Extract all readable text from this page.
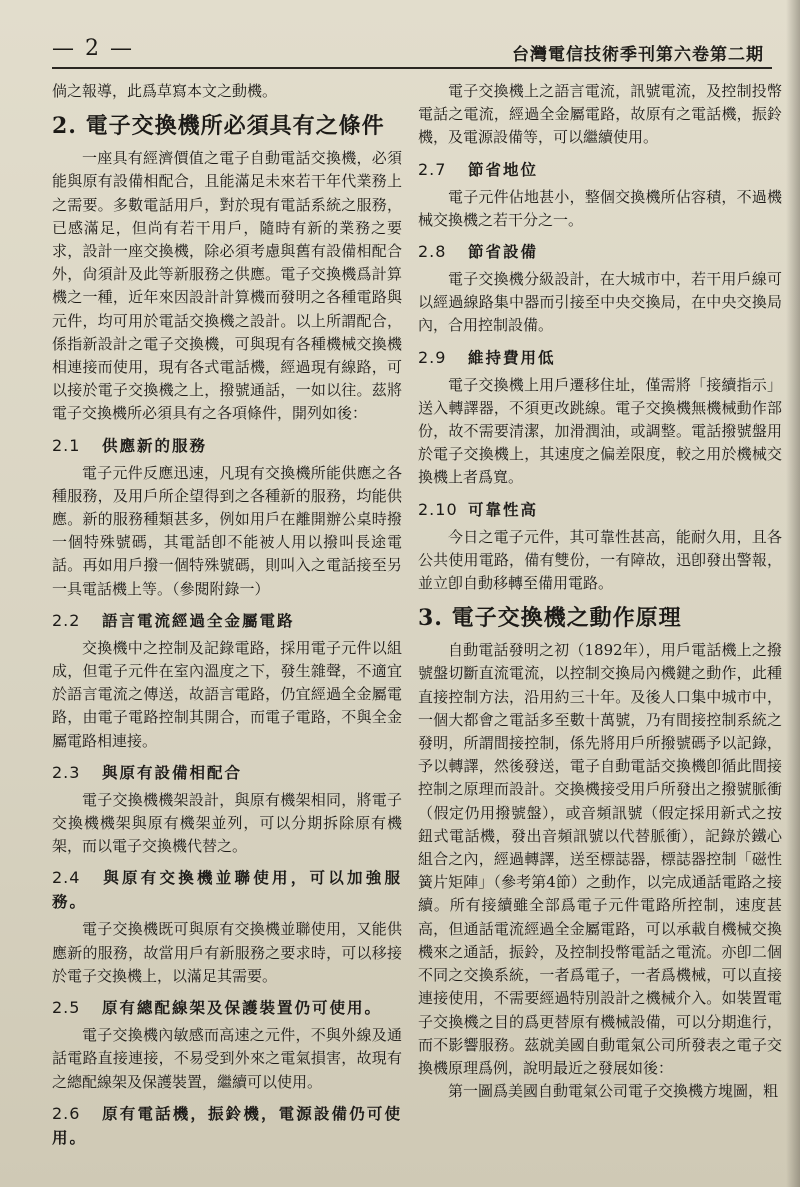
— 2 —	台灣電信技術季刊第六卷第二期

倘之報導，此爲草寫本文之動機。

2. 電子交換機所必須具有之條件

一座具有經濟價值之電子自動電話交換機，必須能與原有設備相配合，且能滿足未來若干年代業務上之需要。多數電話用戶，對於現有電話系統之服務，已感滿足，但尚有若干用戶，隨時有新的業務之要求，設計一座交換機，除必須考慮與舊有設備相配合外，尙須計及此等新服務之供應。電子交換機爲計算機之一種，近年來因設計計算機而發明之各種電路與元件，均可用於電話交換機之設計。以上所謂配合，係指新設計之電子交換機，可與現有各種機械交換機相連接而使用，現有各式電話機，經過現有線路，可以接於電子交換機之上，撥號通話，一如以往。茲將電子交換機所必須具有之各項條件，開列如後：

2.1 供應新的服務

電子元件反應迅速，凡現有交換機所能供應之各種服務，及用戶所企望得到之各種新的服務，均能供應。新的服務種類甚多，例如用戶在離開辦公桌時撥一個特殊號碼，其電話卽不能被人用以撥叫長途電話。再如用戶撥一個特殊號碼，則叫入之電話接至另一具電話機上等。（參閱附錄一）

2.2 語言電流經過全金屬電路

交換機中之控制及記錄電路，採用電子元件以組成，但電子元件在室內溫度之下，發生雜聲，不適宜於語言電流之傳送，故語言電路，仍宜經過全金屬電路，由電子電路控制其開合，而電子電路，不與全金屬電路相連接。

2.3 與原有設備相配合

電子交換機機架設計，與原有機架相同，將電子交換機機架與原有機架並列，可以分期拆除原有機架，而以電子交換機代替之。

2.4 與原有交換機並聯使用，可以加強服務。

電子交換機既可與原有交換機並聯使用，又能供應新的服務，故當用戶有新服務之要求時，可以移接於電子交換機上，以滿足其需要。

2.5 原有總配線架及保護裝置仍可使用。

電子交換機內敏感而高速之元件，不與外線及通話電路直接連接，不易受到外來之電氣損害，故現有之總配線架及保護裝置，繼續可以使用。

2.6 原有電話機，振鈴機，電源設備仍可使用。

電子交換機上之語言電流，訊號電流，及控制投幣電話之電流，經過全金屬電路，故原有之電話機，振鈴機，及電源設備等，可以繼續使用。

2.7 節省地位

電子元件佔地甚小，整個交換機所佔容積，不過機械交換機之若干分之一。

2.8 節省設備

電子交換機分級設計，在大城市中，若干用戶線可以經過線路集中器而引接至中央交換局，在中央交換局內，合用控制設備。

2.9 維持費用低

電子交換機上用戶遷移住址，僅需將「接續指示」送入轉譯器，不須更改跳線。電子交換機無機械動作部份，故不需要清潔，加滑潤油，或調整。電話撥號盤用於電子交換機上，其速度之偏差限度，較之用於機械交換機上者爲寬。

2.10 可靠性高

今日之電子元件，其可靠性甚高，能耐久用，且各公共使用電路，備有雙份，一有障故，迅卽發出警報，並立卽自動移轉至備用電路。

3. 電子交換機之動作原理

自動電話發明之初（1892年），用戶電話機上之撥號盤切斷直流電流，以控制交換局內機鍵之動作，此種直接控制方法，沿用約三十年。及後人口集中城市中，一個大都會之電話多至數十萬號，乃有間接控制系統之發明，所謂間接控制，係先將用戶所撥號碼予以記錄，予以轉譯，然後發送，電子自動電話交換機卽循此間接控制之原理而設計。交換機接受用戶所發出之撥號脈衝（假定仍用撥號盤），或音頻訊號（假定採用新式之按鈕式電話機，發出音頻訊號以代替脈衝），記錄於鐵心組合之內，經過轉譯，送至標誌器，標誌器控制「磁性簧片矩陣」（參考第4節）之動作，以完成通話電路之接續。所有接續雖全部爲電子元件電路所控制，速度甚高，但通話電流經過全金屬電路，可以承載自機械交換機來之通話，振鈴，及控制投幣電話之電流。亦卽二個不同之交換系統，一者爲電子，一者爲機械，可以直接連接使用，不需要經過特別設計之機械介入。如裝置電子交換機之目的爲更替原有機械設備，可以分期進行，而不影響服務。茲就美國自動電氣公司所發表之電子交換機原理爲例，說明最近之發展如後：

第一圖爲美國自動電氣公司電子交換機方塊圖，粗
